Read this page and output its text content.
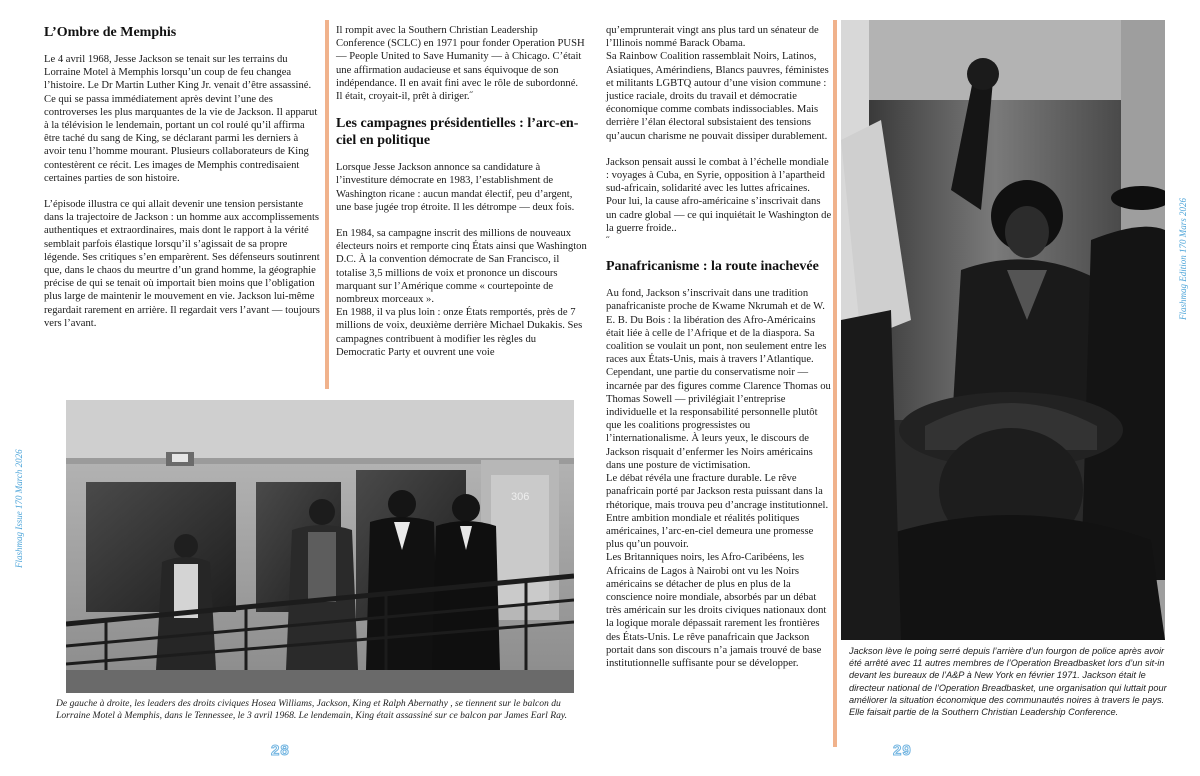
Flashmag Issue 170 March 2026
Flashmag Edition 170 Mars 2026
L’Ombre de Memphis

Le 4 avril 1968, Jesse Jackson se tenait sur les terrains du Lorraine Motel à Memphis lorsqu’un coup de feu changea l’histoire. Le Dr Martin Luther King Jr. venait d’être assassiné. Ce qui se passa immédiatement après devint l’une des controverses les plus marquantes de la vie de Jackson. Il apparut à la télévision le lendemain, portant un col roulé qu’il affirma être taché du sang de King, se déclarant parmi les derniers à avoir tenu l’homme mourant. Plusieurs collaborateurs de King contestèrent ce récit. Les images de Memphis contredisaient certaines parties de son histoire.

L’épisode illustra ce qui allait devenir une tension persistante dans la trajectoire de Jackson : un homme aux accomplissements authentiques et extraordinaires, mais dont le rapport à la vérité semblait parfois élastique lorsqu’il s’agissait de sa propre légende. Ses critiques s’en emparèrent. Ses défenseurs soutinrent que, dans le chaos du meurtre d’un grand homme, la géographie précise de qui se tenait où importait bien moins que l’obligation plus large de maintenir le mouvement en vie. Jackson lui-même regardait rarement en arrière. Il regardait vers l’avant — toujours vers l’avant.

Il rompit avec la Southern Christian Leadership Conference (SCLC) en 1971 pour fonder Operation PUSH — People United to Save Humanity — à Chicago. C’était une affirmation audacieuse et sans équivoque de son indépendance. Il en avait fini avec le rôle de subordonné. Il était, croyait-il, prêt à diriger.˝

Les campagnes présidentielles : l’arc-en-ciel en politique

Lorsque Jesse Jackson annonce sa candidature à l’investiture démocrate en 1983, l’establishment de Washington ricane : aucun mandat électif, peu d’argent, une base jugée trop étroite. Il les détrompe — deux fois.

En 1984, sa campagne inscrit des millions de nouveaux électeurs noirs et remporte cinq États ainsi que Washington D.C. À la convention démocrate de San Francisco, il totalise 3,5 millions de voix et prononce un discours marquant sur l’Amérique comme « courtepointe de nombreux morceaux ».

En 1988, il va plus loin : onze États remportés, près de 7 millions de voix, deuxième derrière Michael Dukakis. Ses campagnes contribuent à modifier les règles du Democratic Party et ouvrent une voie

qu’emprunterait vingt ans plus tard un sénateur de l’Illinois nommé Barack Obama.

Sa Rainbow Coalition rassemblait Noirs, Latinos, Asiatiques, Amérindiens, Blancs pauvres, féministes et militants LGBTQ autour d’une vision commune : justice raciale, droits du travail et démocratie économique comme combats indissociables. Mais derrière l’élan électoral subsistaient des tensions qu’aucun charisme ne pouvait dissiper durablement.

Jackson pensait aussi le combat à l’échelle mondiale : voyages à Cuba, en Syrie, opposition à l’apartheid sud-africain, solidarité avec les luttes africaines. Pour lui, la cause afro-américaine s’inscrivait dans un cadre global — ce qui inquiétait le Washington de la guerre froide..

˝

Panafricanisme : la route inachevée

Au fond, Jackson s’inscrivait dans une tradition panafricaniste proche de Kwame Nkrumah et de W. E. B. Du Bois : la libération des Afro-Américains était liée à celle de l’Afrique et de la diaspora. Sa coalition se voulait un pont, non seulement entre les races aux États-Unis, mais à travers l’Atlantique.

Cependant, une partie du conservatisme noir — incarnée par des figures comme Clarence Thomas ou Thomas Sowell — privilégiait l’entreprise individuelle et la responsabilité personnelle plutôt que les coalitions progressistes ou l’internationalisme. À leurs yeux, le discours de Jackson risquait d’enfermer les Noirs américains dans une posture de victimisation.

Le débat révéla une fracture durable. Le rêve panafricain porté par Jackson resta puissant dans la rhétorique, mais trouva peu d’ancrage institutionnel. Entre ambition mondiale et réalités politiques américaines, l’arc-en-ciel demeura une promesse plus qu’un pouvoir.

Les Britanniques noirs, les Afro-Caribéens, les Africains de Lagos à Nairobi ont vu les Noirs américains se détacher de plus en plus de la conscience noire mondiale, absorbés par un débat très américain sur les droits civiques nationaux dont la logique morale dépassait rarement les frontières des États-Unis. Le rêve panafricain que Jackson portait dans son discours n’a jamais trouvé de base institutionnelle suffisante pour se développer.

306
De gauche à droite, les leaders des droits civiques Hosea Williams, Jackson, King et Ralph Abernathy , se tiennent sur le balcon du Lorraine Motel à Memphis, dans le Tennessee, le 3 avril 1968. Le lendemain, King était assassiné sur ce balcon par James Earl Ray.
Jackson lève le poing serré depuis l’arrière d’un fourgon de police après avoir été arrêté avec 11 autres membres de l’Operation Breadbasket lors d’un sit-in devant les bureaux de l’A&P à New York en février 1971. Jackson était le directeur national de l’Operation Breadbasket, une organisation qui luttait pour améliorer la situation économique des communautés noires à travers le pays. Elle faisait partie de la Southern Christian Leadership Conference.
28	29
